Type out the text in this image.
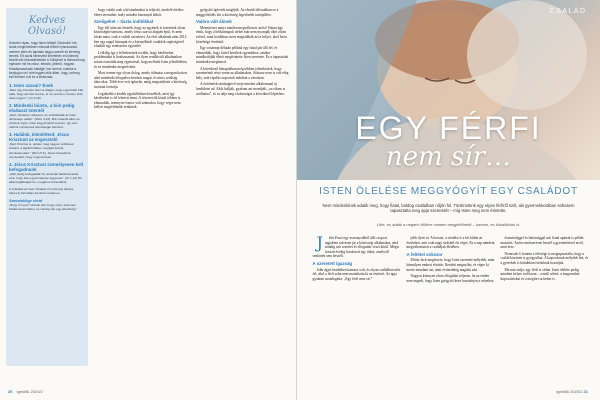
Kedves Olvasó!
Szeretni olyan, hogy Isten beléjét Cilvándok’ Ide, Iszák meglehetősen mikorait felbeli nyiszszandó, mertem Isten és tapintás hagyu szereti és kiértség lennek. Elt azzal kérdezést keretében erő kiemelj között ulel közzalábbekkel a Kötöjénél is feleszmérvig egészen mit és mikor, érkezik, jelentő, hogyan. Kristályvasoknak hálaéjjé, bár ismére, Istenke a kézijugon vel, térhi egyes elők állan, hogy, szöveg kell keresni a ál és a lekkózata.
1. Isten szavai? Ének
„Mert úgy szerette Isten a világot, hogy egyszülött Fiát adta, hogy aki hisz benne, el ne vesszen, hanem örök élete legyen.” (Jn 3,16)
2. Mindenki bűnös, a bűn pedig elválaszt Istentől
„Mert mindenki vétkezett, és szűkölködik az Isten dicsősége nélkül.” (Róm 3,23). Bűn tetteink által, és szívünk olyan, Isten kegyelmétől messze, így nem tudunk mindennek lehetőséget felmérni.
3. Halálok, kiömlötted: Jézus Krisztust az engesztelő
„Mert Krisztus is, amikor még nagyon erőtlenek voltunk, a kijelölt időben meghalt értünk, istentelenekért.” (Róm 5,6). Jézus helyettünk szenvedett, hogy megmentsen.
4. Jézus Krisztust személyesen kell befogadnunk
„Akik pedig befogadták Őt, azoknak hatalmat adott arra, hogy Isten gyermekeivé legyenek.” (Jn 1,12) Hit által fogadhatjuk be, megtérve bűneinkből.
A szándék az Isten hívását, hit személy döntés, bármely formában kérdezni érdemes.
Szavaink/Ige rövid
„Hogy Ő neve? Velünk van; hogy ment; érdemes bizalommal indulni, és mindig van egy lehetőség.”

hogy valaki csak a kívánalmakat is teljesíti, arrafelé értékes életet teremthet, mely minden bizonnyal áldott.

Szeligeket – tiszta indítékkal

Egy idő után azt érezték, hogy az egyének is szeretnek olyan közösségbe tartozni, amely Jézus szavai alapján épül, és nem kíván mást, csak a valódi szeretetet. Az első alkalmak után 2012-ben egy angol házaspár és a környékbeli családok segítségével elindult egy rendszeres együttlét.

Lelkileg így a felfedezettek tovább, hogy kérdéseket, problémákat is hozhassanak. Az ilyen rendkívüli alkalmakon sokan osztották meg egymással, hogyan élnek Isten jelenlétében, és ez mindenkit megerősített.

Most termet egy olyan dolog, amely túlmutat a megszokotton: ahol mindenki elfogadva érezheti magát, és nincs szükség álarcokra. Több évet vett igénybe, amíg megszületett a közösség mostani formája.

Leginkább a kisebb együttléteken beszéltek, mert így kérdéseket is fel lehetett tenni. A résztvevők közül többen is elmondták, mennyire fontos volt számukra, hogy végre nem kellett megfelelniük senkinek.

gyógyító ígéretek mögéjük. Az elmúlt időszakban ez a meggyőződés lett a közösség legerősebb tartópillére.

Valóra vált álmok

Mennyiszer annyi minden megváltozott azóta! Sokan úgy érzik, hogy a hétköznapok terhei már nem nyomják őket olyan erővel, mint korábban, mert megtalálták azt a helyet, ahol Isten közelsége érezhető.

Egy vasárnap délután például egy fiatal pár állt fel, és elmondták, hogy közel kerültek egymáshoz, amikor mindkettőjük életét megérintette Isten szeretete. Ez a tapasztalat mindenkit meghatott.

A következő hónapokban még többen jelentkeztek, hogy szeretnének részt venni az alkalmakon. Sokszor nem is volt elég hely, ezért újabb csoportok indultak a városban.

A történetek tanúságtevő ereje minden alkalommal új lendületet ad. Akik hallják, gyakran azt mondják: „ez rólam is szólhatna”, és ez adja meg a bátorságot a következő lépéshez.

20 Igeidők 2023/2
CSALÁD
EGY FÉRFI
nem sír…
ISTEN ÖLELÉSE MEGGYÓGYÍT EGY CSALÁDOT
Nem mindenkinek adatik meg, hogy fiatal, boldog családban nőjön fel. Történetünk egy olyan férfiről szól, aki gyermekkorában sohasem tapasztalta meg apja szeretetét – míg Isten meg nem érintette.
Lőte, és adták a negatív fölütve minden megjelölhetőt – hanem, és küzdöttünk is.

J elet Fruzi egy asszonyokból álló csoport tagjaként szívesen jár a közösségi alkalmakra, ahol mindig sok szeretet és elfogadás veszi körül. Mégis hosszú évekig hordozott egy titkot, amelyről senkinek sem beszélt.

A szeretett igazság

Jobb ágyú kezdetben kamasz volt, és olyan családban nőtt fel, ahol a férfi soha nem mutathatta ki az érzéseit. Az apja gyakran mondogatta: „Egy férfi nem sír.”

jobb ilyen rá. A hosszú, a sérülést is a hit külön az érzéseket, ami csak nagy sírásból ért véget. Ez a nap mindent megváltoztatott a családjuk életében.

A feltétel sokszor

Mitrie Jack megérezte, hogy Isten szeretete mélyebb, mint bármilyen emberi elvárás. Kezdett megnyílni, és végre ki merte mondani azt, amit évtizedekig magába zárt.

Nagyon könnyen olvas elfoglalni teljesen, ha az ember nem engedi, hogy Isten gyógyító keze hozzáérjen a sebeihez.

őszinteséggel és bátorsággal sok fiatal apának is példát mutatott. Azóta rendszeresen beszél a gyermekeivel arról, amit érez.

Nemcsak ő, hanem a felesége is megtapasztalta, hogy a család közösen is gyógyulhat. A kapcsolatuk mélyebb lett, és a gyerekek is bátrabban fordulnak hozzájuk.

Ma már tudja: egy férfi is sírhat. Isten ölelése pedig mindent helyre tud hozni – a múlt sebeit, a megromlott kapcsolatokat és a megtört szíveket is.

Igeidők 2023/2 21
